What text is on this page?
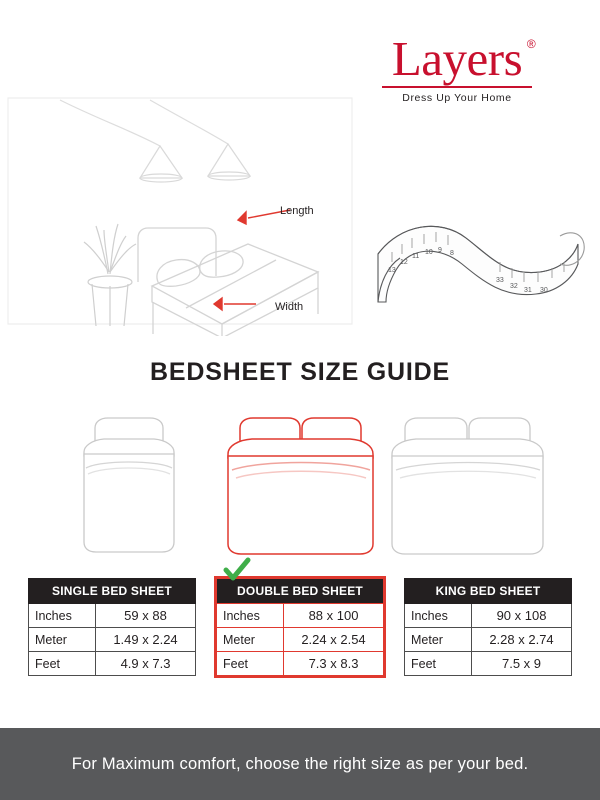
Layers ®
Dress Up Your Home
13
12
11
10 9 8
33
32
31 30
BEDSHEET SIZE GUIDE
SINGLE BED SHEET	
Inches	59 x 88
Meter	1.49 x 2.24
Feet	4.9 x 7.3
DOUBLE BED SHEET	

Inches	88 x 100
Meter	2.24 x 2.54
Feet	7.3 x 8.3
KING BED SHEET	
Inches	90 x 108
Meter	2.28 x 2.74
Feet	7.5 x 9
For Maximum comfort, choose the right size as per your bed.
Length
Width
